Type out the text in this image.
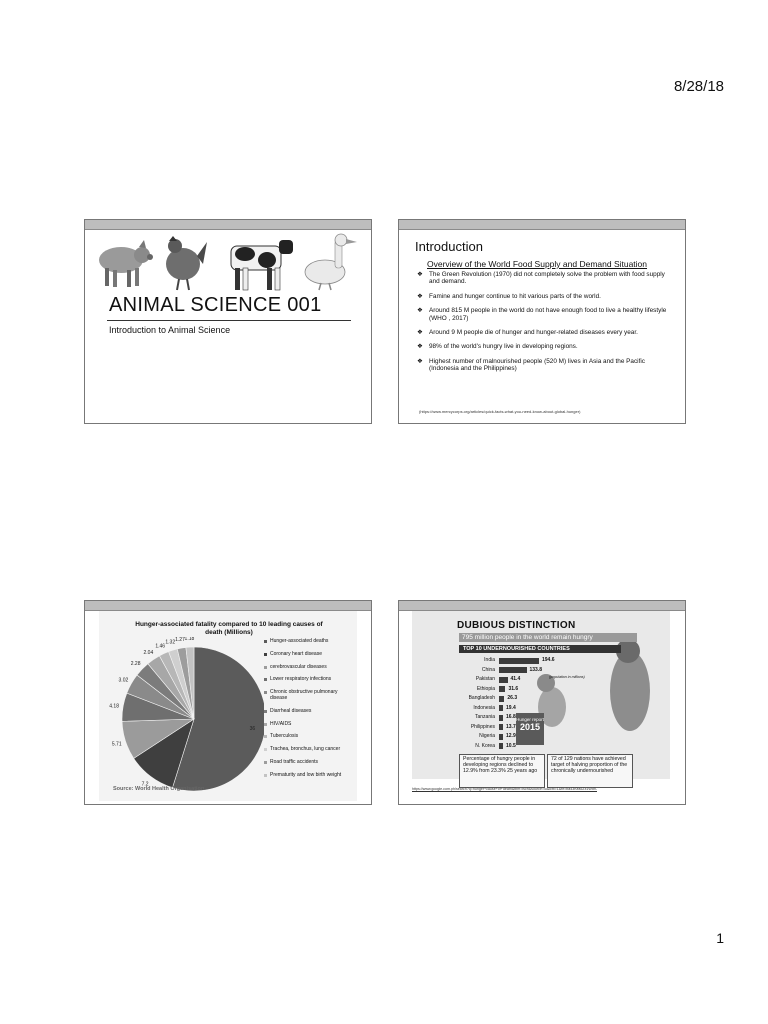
8/28/18
ANIMAL SCIENCE 001
Introduction to Animal Science
Introduction
Overview of the World Food Supply and Demand Situation
❖ The Green Revolution (1970) did not completely solve the problem with food supply and demand.
❖ Famine and hunger continue to hit various parts of the world.
❖ Around 815 M people in the world do not have enough food to live a healthy lifestyle (WHO , 2017)
❖ Around 9 M people die of hunger and hunger-related diseases every year.
❖ 98% of the world's hungry live in developing regions.
❖ Highest number of malnourished people (520 M) lives in Asia and the Pacific (Indonesia and the Philippines)
(https://www.mercycorps.org/articles/quick-facts-what-you-need-know-about-global-hunger)
Hunger-associated fatality compared to 10 leading causes of death (Millions)
36
7.2
5.71
4.18
3.02
2.28
2.04
1.46
1.32 1.27 1.18	Hunger-associated deaths
Coronary heart disease
cerebrovascular diseases
Lower respiratory infections
Chronic obstructive pulmonary disease
Diarrheal diseases
HIV/AIDS
Tuberculosis
Trachea, bronchus, lung cancer
Road traffic accidents
Prematurity and low birth weight
Source: World Health Organisation
DUBIOUS DISTINCTION
795 million people in the world remain hungry
TOP 10 UNDERNOURISHED COUNTRIES
(population in millions)
India	194.6
China	133.8
Pakistan	41.4
Ethiopia	31.6
Bangladesh 26.3
Indonesia 19.4
Tanzania 16.8
Philippines 13.7
Nigeria 12.9
N. Korea 10.5
Hunger report
2015
Percentage of hungry people in developing regions declined to 12.9% from 23.3% 25 years ago
72 of 129 nations have achieved target of halving proportion of the chronically undernourished
https://www.google.com.ph/search?q=hunger+cause+of+death&tbm=isch&source=iu&ictx=1&fir=ba43r0fa5Zx1Wd9-
1
